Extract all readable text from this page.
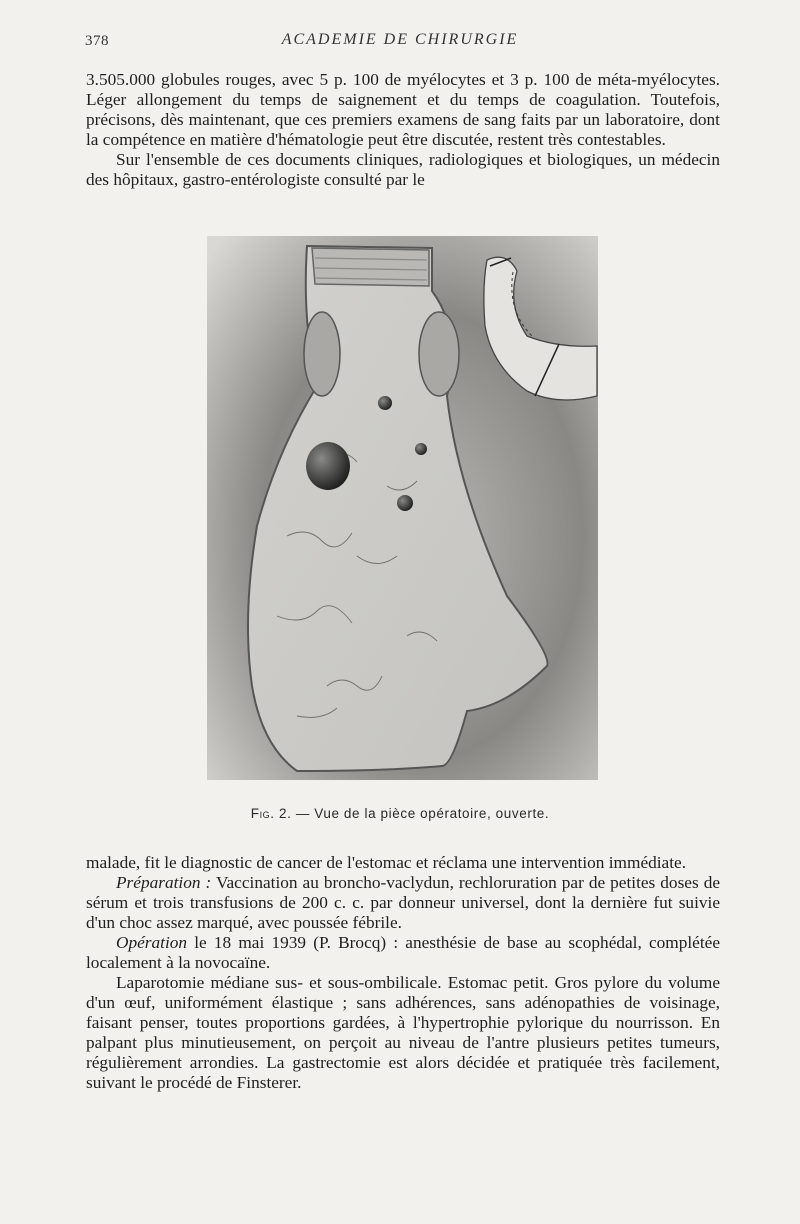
378	ACADEMIE DE CHIRURGIE

3.505.000 globules rouges, avec 5 p. 100 de myélocytes et 3 p. 100 de méta-myélocytes. Léger allongement du temps de saignement et du temps de coagulation. Toutefois, précisons, dès maintenant, que ces premiers examens de sang faits par un laboratoire, dont la compétence en matière d'hématologie peut être discutée, restent très contestables.

Sur l'ensemble de ces documents cliniques, radiologiques et biologiques, un médecin des hôpitaux, gastro-entérologiste consulté par le

Fig. 2. — Vue de la pièce opératoire, ouverte.

malade, fit le diagnostic de cancer de l'estomac et réclama une intervention immédiate.

Préparation : Vaccination au broncho-vaclydun, rechloruration par de petites doses de sérum et trois transfusions de 200 c. c. par donneur universel, dont la dernière fut suivie d'un choc assez marqué, avec poussée fébrile.

Opération le 18 mai 1939 (P. Brocq) : anesthésie de base au scophédal, complétée localement à la novocaïne.

Laparotomie médiane sus- et sous-ombilicale. Estomac petit. Gros pylore du volume d'un œuf, uniformément élastique ; sans adhérences, sans adénopathies de voisinage, faisant penser, toutes proportions gardées, à l'hypertrophie pylorique du nourrisson. En palpant plus minutieusement, on perçoit au niveau de l'antre plusieurs petites tumeurs, régulièrement arrondies. La gastrectomie est alors décidée et pratiquée très facilement, suivant le procédé de Finsterer.
